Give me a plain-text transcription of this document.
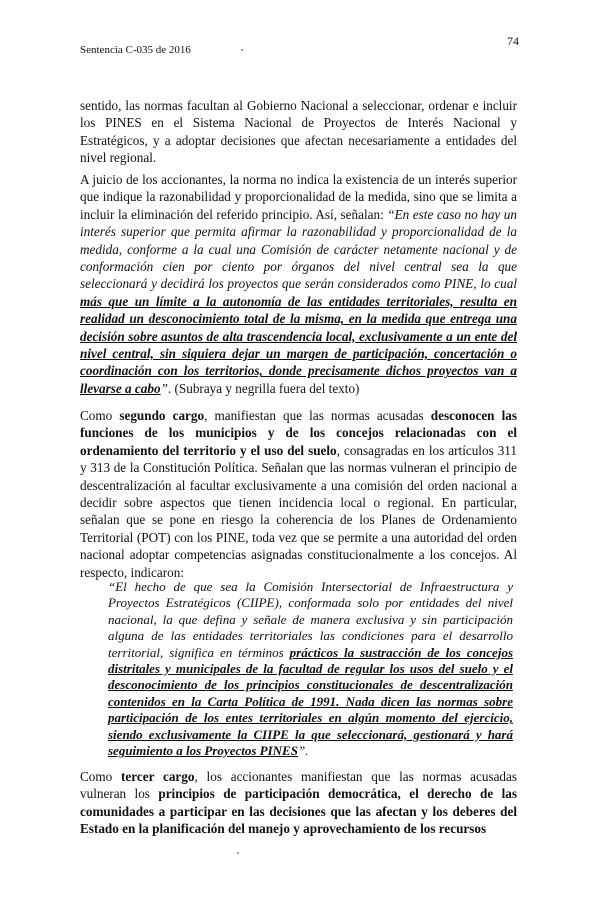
Sentencia C-035 de 2016
74

sentido, las normas facultan al Gobierno Nacional a seleccionar, ordenar e incluir los PINES en el Sistema Nacional de Proyectos de Interés Nacional y Estratégicos, y a adoptar decisiones que afectan necesariamente a entidades del nivel regional.

A juicio de los accionantes, la norma no indica la existencia de un interés superior que indique la razonabilidad y proporcionalidad de la medida, sino que se limita a incluir la eliminación del referido principio. Así, señalan: “En este caso no hay un interés superior que permita afirmar la razonabilidad y proporcionalidad de la medida, conforme a la cual una Comisión de carácter netamente nacional y de conformación cien por ciento por órganos del nivel central sea la que seleccionará y decidirá los proyectos que serán considerados como PINE, lo cual más que un límite a la autonomía de las entidades territoriales, resulta en realidad un desconocimiento total de la misma, en la medida que entrega una decisión sobre asuntos de alta trascendencia local, exclusivamente a un ente del nivel central, sin siquiera dejar un margen de participación, concertación o coordinación con los territorios, donde precisamente dichos proyectos van a llevarse a cabo”. (Subraya y negrilla fuera del texto)

Como segundo cargo, manifiestan que las normas acusadas desconocen las funciones de los municipios y de los concejos relacionadas con el ordenamiento del territorio y el uso del suelo, consagradas en los artículos 311 y 313 de la Constitución Política. Señalan que las normas vulneran el principio de descentralización al facultar exclusivamente a una comisión del orden nacional a decidir sobre aspectos que tienen incidencia local o regional. En particular, señalan que se pone en riesgo la coherencia de los Planes de Ordenamiento Territorial (POT) con los PINE, toda vez que se permite a una autoridad del orden nacional adoptar competencias asignadas constitucionalmente a los concejos. Al respecto, indicaron:

“El hecho de que sea la Comisión Intersectorial de Infraestructura y Proyectos Estratégicos (CIIPE), conformada solo por entidades del nivel nacional, la que defina y señale de manera exclusiva y sin participación alguna de las entidades territoriales las condiciones para el desarrollo territorial, significa en términos prácticos la sustracción de los concejos distritales y municipales de la facultad de regular los usos del suelo y el desconocimiento de los principios constitucionales de descentralización contenidos en la Carta Política de 1991. Nada dicen las normas sobre participación de los entes territoriales en algún momento del ejercicio, siendo exclusivamente la CIIPE la que seleccionará, gestionará y hará seguimiento a los Proyectos PINES”.

Como tercer cargo, los accionantes manifiestan que las normas acusadas vulneran los principios de participación democrática, el derecho de las comunidades a participar en las decisiones que las afectan y los deberes del Estado en la planificación del manejo y aprovechamiento de los recursos
